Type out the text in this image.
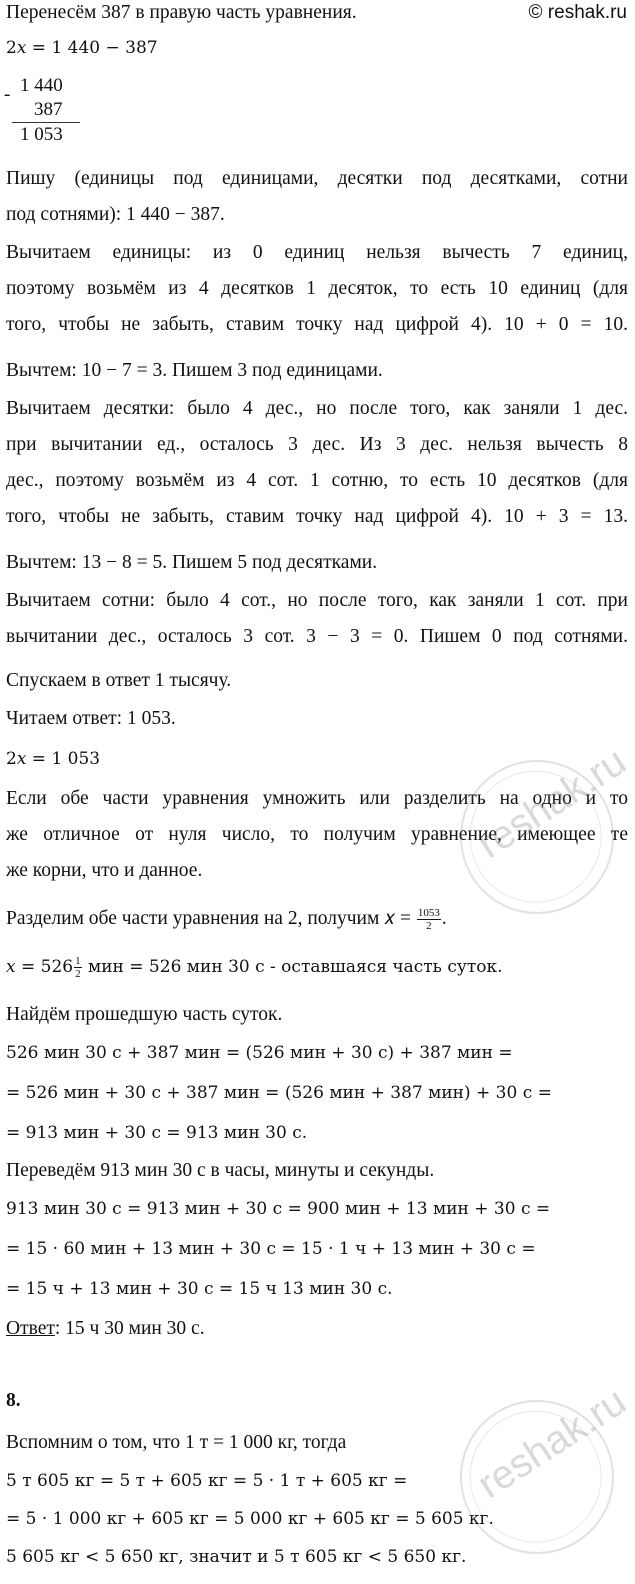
Перенесём 387 в правую часть уравнения.	© reshak.ru
2𝑥 = 1 440 − 387
- 1 440
387
1 053
Пишу (единицы под единицами, десятки под десятками, сотни
под сотнями): 1 440 − 387.
Вычитаем единицы: из 0 единиц нельзя вычесть 7 единиц,
поэтому возьмём из 4 десятков 1 десяток, то есть 10 единиц (для
того, чтобы не забыть, ставим точку над цифрой 4). 10 + 0 = 10.
Вычтем: 10 − 7 = 3. Пишем 3 под единицами.
Вычитаем десятки: было 4 дес., но после того, как заняли 1 дес.
при вычитании ед., осталось 3 дес. Из 3 дес. нельзя вычесть 8
дес., поэтому возьмём из 4 сот. 1 сотню, то есть 10 десятков (для
того, чтобы не забыть, ставим точку над цифрой 4). 10 + 3 = 13.
Вычтем: 13 − 8 = 5. Пишем 5 под десятками.
Вычитаем сотни: было 4 сот., но после того, как заняли 1 сот. при
вычитании дес., осталось 3 сот. 3 − 3 = 0. Пишем 0 под сотнями.
Спускаем в ответ 1 тысячу.
Читаем ответ: 1 053.
2𝑥 = 1 053
Если обе части уравнения умножить или разделить на одно и то
же отличное от нуля число, то получим уравнение, имеющее те
же корни, что и данное.
Разделим обе части уравнения на 2, получим 𝑥 = $\frac{1053}{2}$ .
𝑥 = $526 \frac{1}{2}$ мин = 526 мин 30 с - оставшаяся часть суток.
Найдём прошедшую часть суток.
526 мин 30 с + 387 мин = (526 мин + 30 с) + 387 мин =
= 526 мин + 30 с + 387 мин = (526 мин + 387 мин) + 30 с =
= 913 мин + 30 с = 913 мин 30 с.
Переведём 913 мин 30 с в часы, минуты и секунды.
913 мин 30 с = 913 мин + 30 с = 900 мин + 13 мин + 30 с =
= 15 · 60 мин + 13 мин + 30 с = 15 · 1 ч + 13 мин + 30 с =
= 15 ч + 13 мин + 30 с = 15 ч 13 мин 30 с.
Ответ: 15 ч 30 мин 30 с.
8.
Вспомним о том, что 1 т = 1 000 кг, тогда
5 т 605 кг = 5 т + 605 кг = 5 · 1 т + 605 кг =
= 5 · 1 000 кг + 605 кг = 5 000 кг + 605 кг = 5 605 кг.
5 605 кг < 5 650 кг, значит и 5 т 605 кг < 5 650 кг.
reshak.ru
reshak.ru
